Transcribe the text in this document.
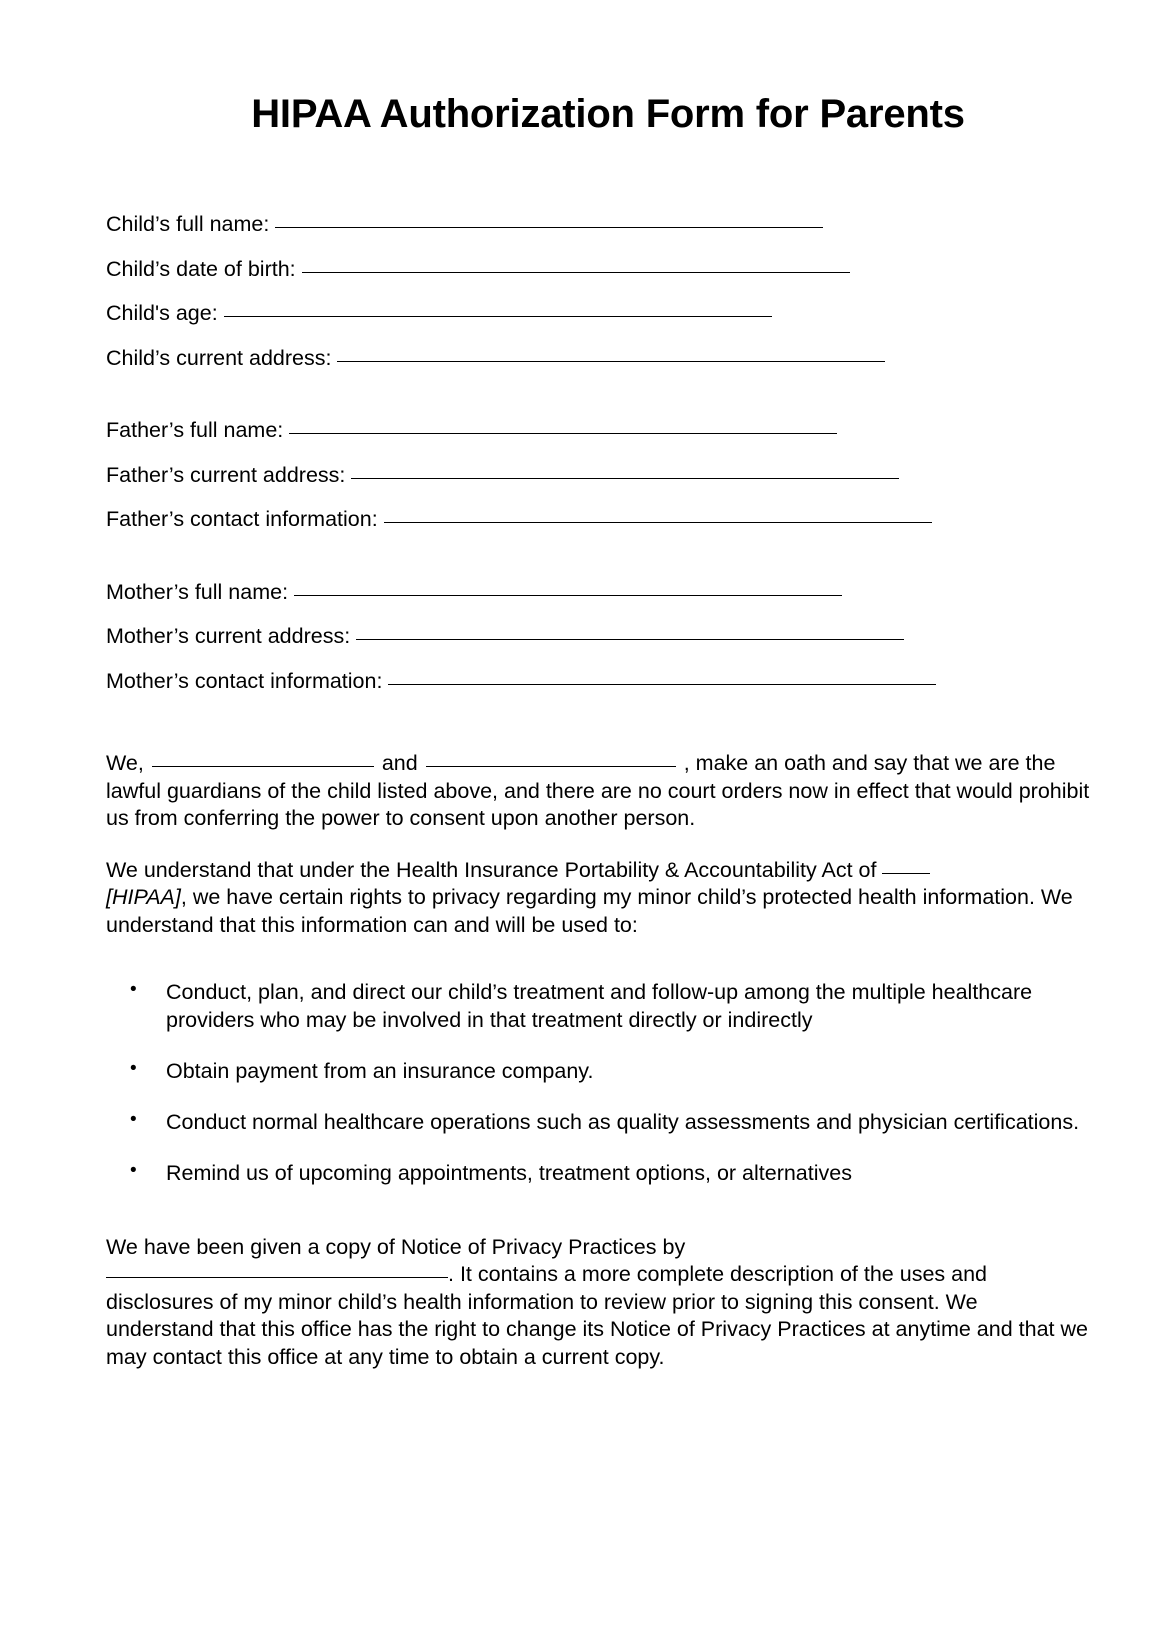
HIPAA Authorization Form for Parents
Child’s full name:
Child’s date of birth:
Child's age:
Child’s current address:
Father’s full name:
Father’s current address:
Father’s contact information:
Mother’s full name:
Mother’s current address:
Mother’s contact information:

We,	and	, make an oath and say that we are the lawful guardians of the child listed above, and there are no court orders now in effect that would prohibit us from conferring the power to consent upon another person.

We understand that under the Health Insurance Portability & Accountability Act of
[HIPAA], we have certain rights to privacy regarding my minor child’s protected health information. We understand that this information can and will be used to:

• Conduct, plan, and direct our child’s treatment and follow-up among the multiple healthcare providers who may be involved in that treatment directly or indirectly
• Obtain payment from an insurance company.
• Conduct normal healthcare operations such as quality assessments and physician certifications.
• Remind us of upcoming appointments, treatment options, or alternatives

We have been given a copy of Notice of Privacy Practices by
. It contains a more complete description of the uses and disclosures of my minor child’s health information to review prior to signing this consent. We understand that this office has the right to change its Notice of Privacy Practices at anytime and that we may contact this office at any time to obtain a current copy.
